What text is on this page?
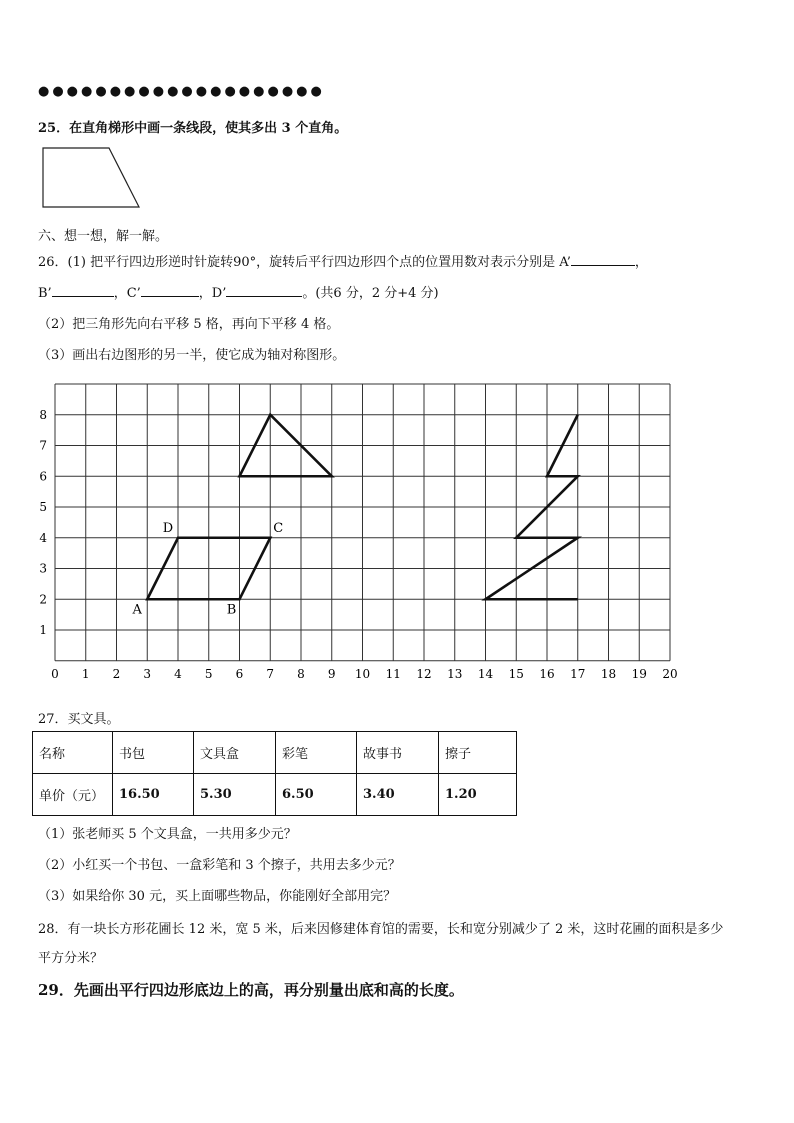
●●●●●●●●●●●●●●●●●●●●
25．在直角梯形中画一条线段，使其多出 3 个直角。
六、想一想，解一解。
26．(1) 把平行四边形逆时针旋转90°，旋转后平行四边形四个点的位置用数对表示分别是 A’	，
B’	，C’	，D’	。(共6 分，2 分+4 分)
（2）把三角形先向右平移 5 格，再向下平移 4 格。
（3）画出右边图形的另一半，使它成为轴对称图形。
0 1 2 3 4 5 6 7 8 9 10 11 12 13 14 15 16 17 18 19 20
1
2
3
4
5
6
7
8
A	B
C
D
27．买文具。
名称	书包	文具盒	彩笔	故事书	擦子
单价（元）	16.50	5.30	6.50	3.40	1.20
（1）张老师买 5 个文具盒，一共用多少元？
（2）小红买一个书包、一盒彩笔和 3 个擦子，共用去多少元？
（3）如果给你 30 元，买上面哪些物品，你能刚好全部用完？
28．有一块长方形花圃长 12 米，宽 5 米，后来因修建体育馆的需要，长和宽分别减少了 2 米，这时花圃的面积是多少
平方分米？
29．先画出平行四边形底边上的高，再分别量出底和高的长度。
